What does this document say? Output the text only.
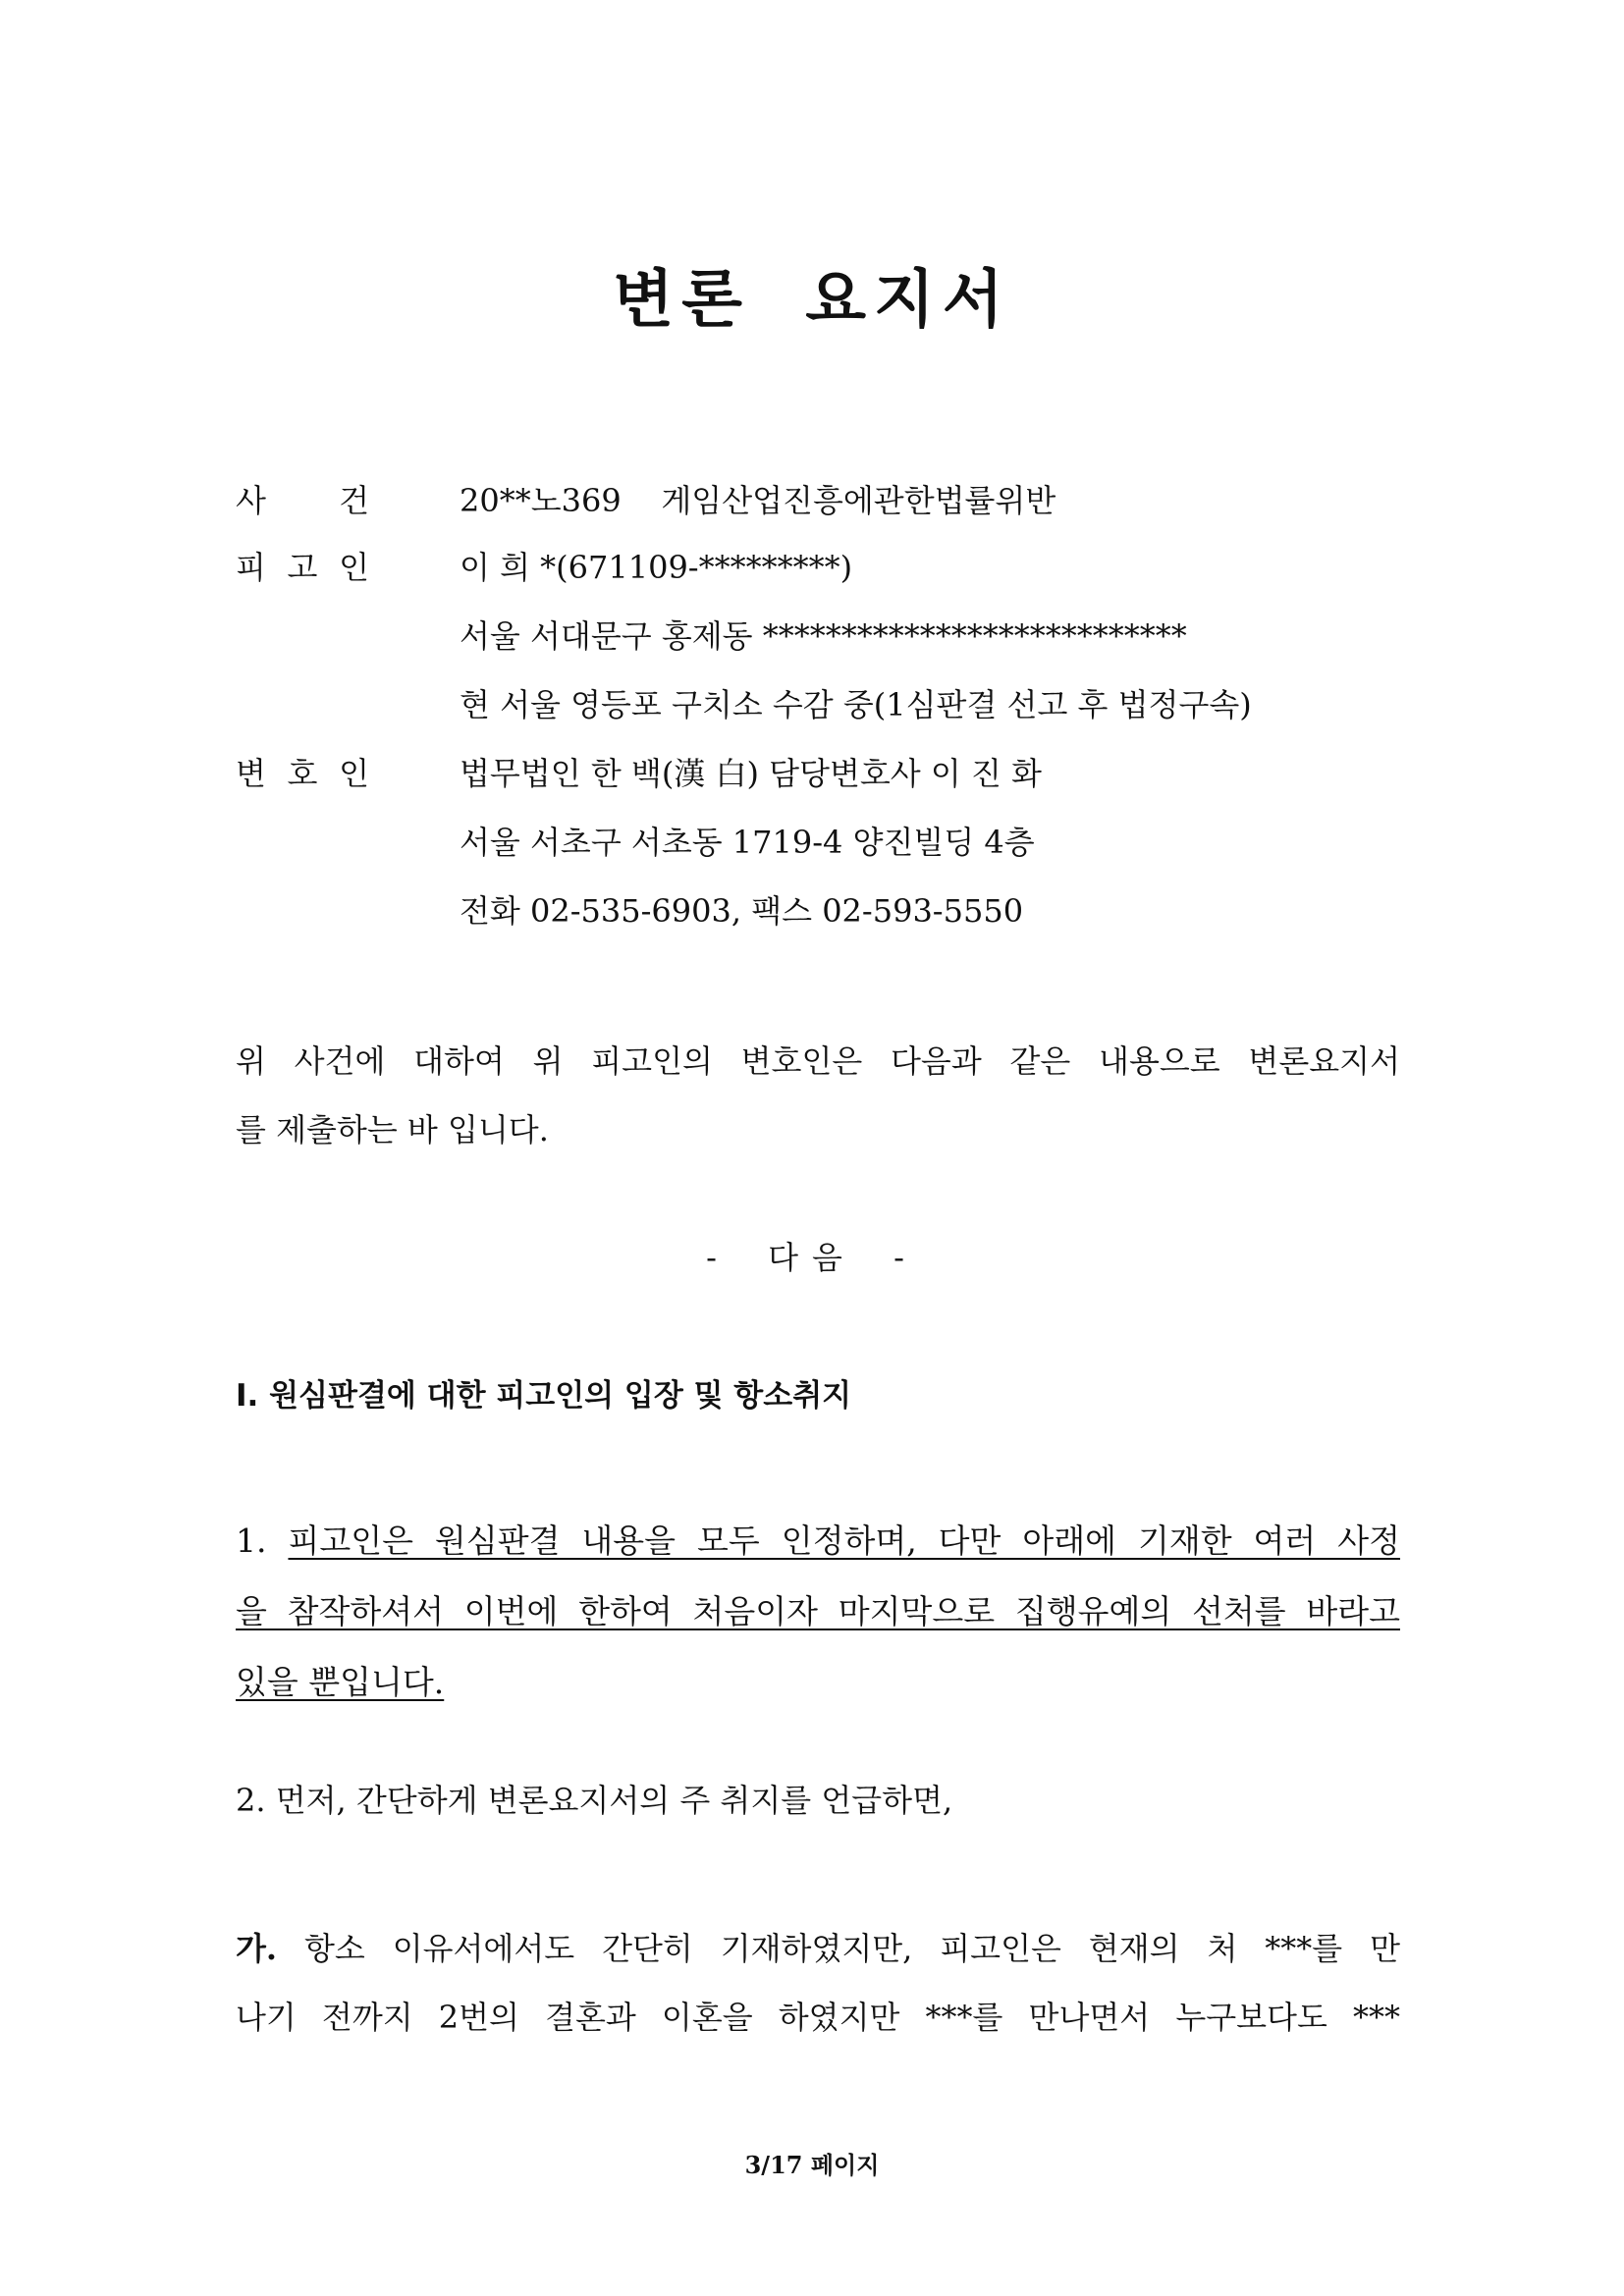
변론 요지서
사 건	20**노369    게임산업진흥에관한법률위반
피 고 인	이 희 *(671109-*********)
서울 서대문구 홍제동 ***************************
현 서울 영등포 구치소 수감 중(1심판결 선고 후 법정구속)
변 호 인	법무법인 한 백(漢 白) 담당변호사 이 진 화
서울 서초구 서초동 1719-4 양진빌딩 4층
전화 02-535-6903, 팩스 02-593-5550
위 사건에 대하여 위 피고인의 변호인은 다음과 같은 내용으로 변론요지서
를 제출하는 바 입니다.
- 다음 -
Ⅰ. 원심판결에 대한 피고인의 입장 및 항소취지
1. 피고인은 원심판결 내용을 모두 인정하며, 다만 아래에 기재한 여러 사정
을 참작하셔서 이번에 한하여 처음이자 마지막으로 집행유예의 선처를 바라고
있을 뿐입니다.
2. 먼저, 간단하게 변론요지서의 주 취지를 언급하면,
가. 항소 이유서에서도 간단히 기재하였지만, 피고인은 현재의 처 ***를 만
나기 전까지 2번의 결혼과 이혼을 하였지만 ***를 만나면서 누구보다도 ***
3/17 페이지
